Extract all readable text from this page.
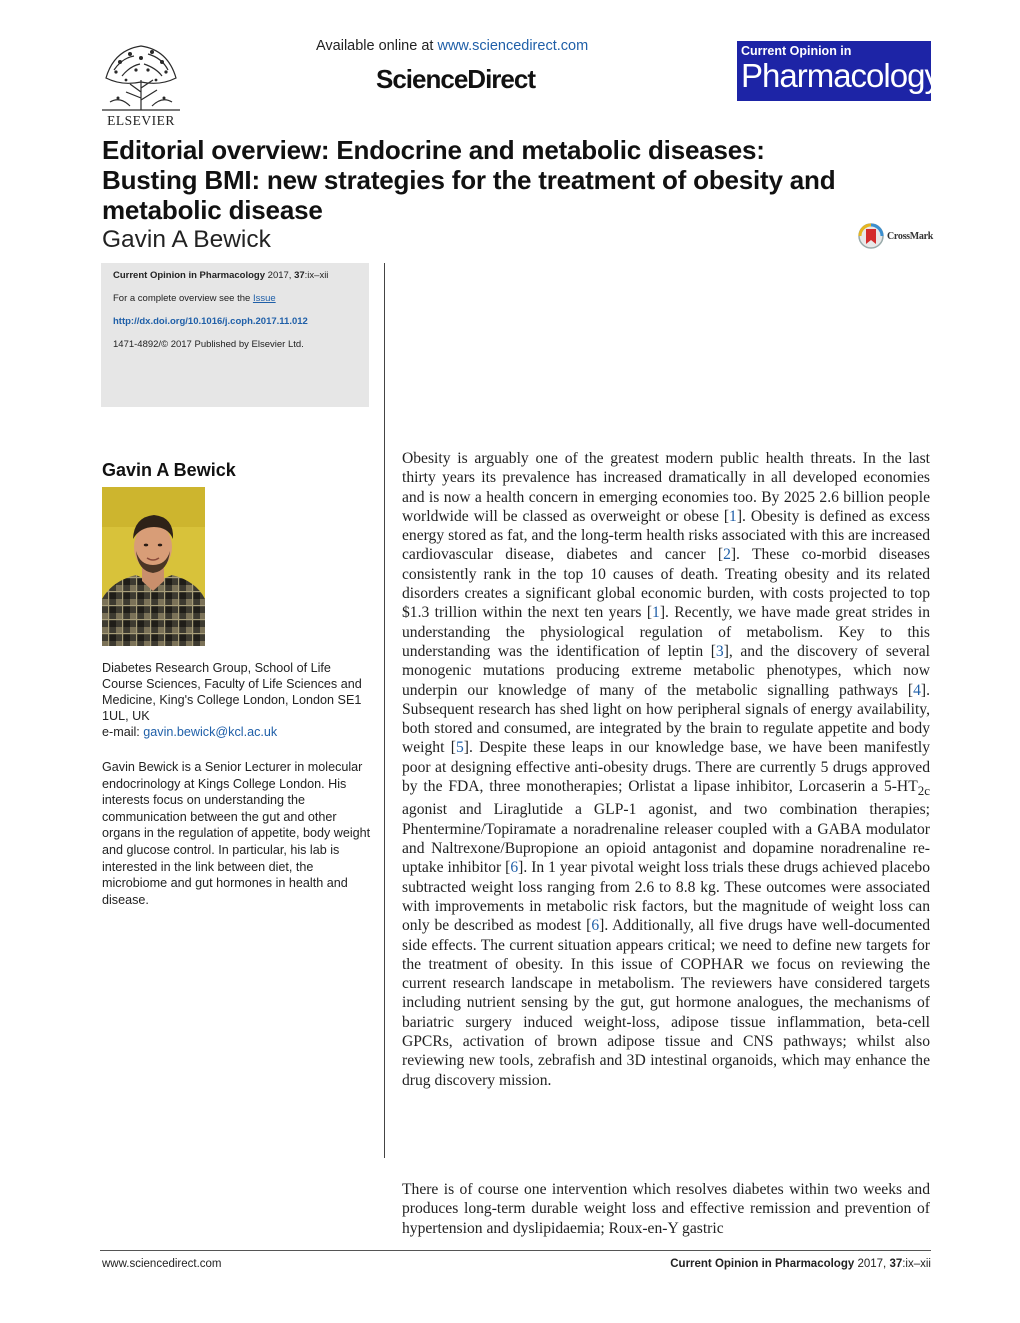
ELSEVIER
Available online at www.sciencedirect.com
ScienceDirect
Current Opinion in
Pharmacology
Editorial overview: Endocrine and metabolic diseases: Busting BMI: new strategies for the treatment of obesity and metabolic disease
Gavin A Bewick	CrossMark
Current Opinion in Pharmacology 2017, 37:ix–xii
For a complete overview see the Issue
http://dx.doi.org/10.1016/j.coph.2017.11.012
1471-4892/© 2017 Published by Elsevier Ltd.
Gavin A Bewick

Diabetes Research Group, School of Life Course Sciences, Faculty of Life Sciences and Medicine, King's College London, London SE1 1UL, UK
e-mail: gavin.bewick@kcl.ac.uk

Gavin Bewick is a Senior Lecturer in molecular endocrinology at Kings College London. His interests focus on understanding the communication between the gut and other organs in the regulation of appetite, body weight and glucose control. In particular, his lab is interested in the link between diet, the microbiome and gut hormones in health and disease.

Obesity is arguably one of the greatest modern public health threats. In the last thirty years its prevalence has increased dramatically in all developed economies and is now a health concern in emerging economies too. By 2025 2.6 billion people worldwide will be classed as overweight or obese [1]. Obesity is defined as excess energy stored as fat, and the long-term health risks associated with this are increased cardiovascular disease, diabetes and cancer [2]. These co-morbid diseases consistently rank in the top 10 causes of death. Treating obesity and its related disorders creates a significant global economic burden, with costs projected to top $1.3 trillion within the next ten years [1]. Recently, we have made great strides in understanding the physiological regulation of metabolism. Key to this understanding was the identification of leptin [3], and the discovery of several monogenic mutations producing extreme metabolic phenotypes, which now underpin our knowledge of many of the metabolic signalling pathways [4]. Subsequent research has shed light on how peripheral signals of energy availability, both stored and consumed, are integrated by the brain to regulate appetite and body weight [5]. Despite these leaps in our knowledge base, we have been manifestly poor at designing effective anti-obesity drugs. There are currently 5 drugs approved by the FDA, three monotherapies; Orlistat a lipase inhibitor, Lorcaserin a $5-HT_{2c}$ agonist and Liraglutide a GLP-1 agonist, and two combination therapies; Phentermine/Topiramate a noradrenaline releaser coupled with a GABA modulator and Naltrexone/Bupropione an opioid antagonist and dopamine noradrenaline re-uptake inhibitor [6]. In 1 year pivotal weight loss trials these drugs achieved placebo subtracted weight loss ranging from 2.6 to 8.8 kg. These outcomes were associated with improvements in metabolic risk factors, but the magnitude of weight loss can only be described as modest [6]. Additionally, all five drugs have well-documented side effects. The current situation appears critical; we need to define new targets for the treatment of obesity. In this issue of COPHAR we focus on reviewing the current research landscape in metabolism. The reviewers have considered targets including nutrient sensing by the gut, gut hormone analogues, the mechanisms of bariatric surgery induced weight-loss, adipose tissue inflammation, beta-cell GPCRs, activation of brown adipose tissue and CNS pathways; whilst also reviewing new tools, zebrafish and 3D intestinal organoids, which may enhance the drug discovery mission.

There is of course one intervention which resolves diabetes within two weeks and produces long-term durable weight loss and effective remission and prevention of hypertension and dyslipidaemia; Roux-en-Y gastric

www.sciencedirect.com	Current Opinion in Pharmacology 2017, 37:ix–xii
